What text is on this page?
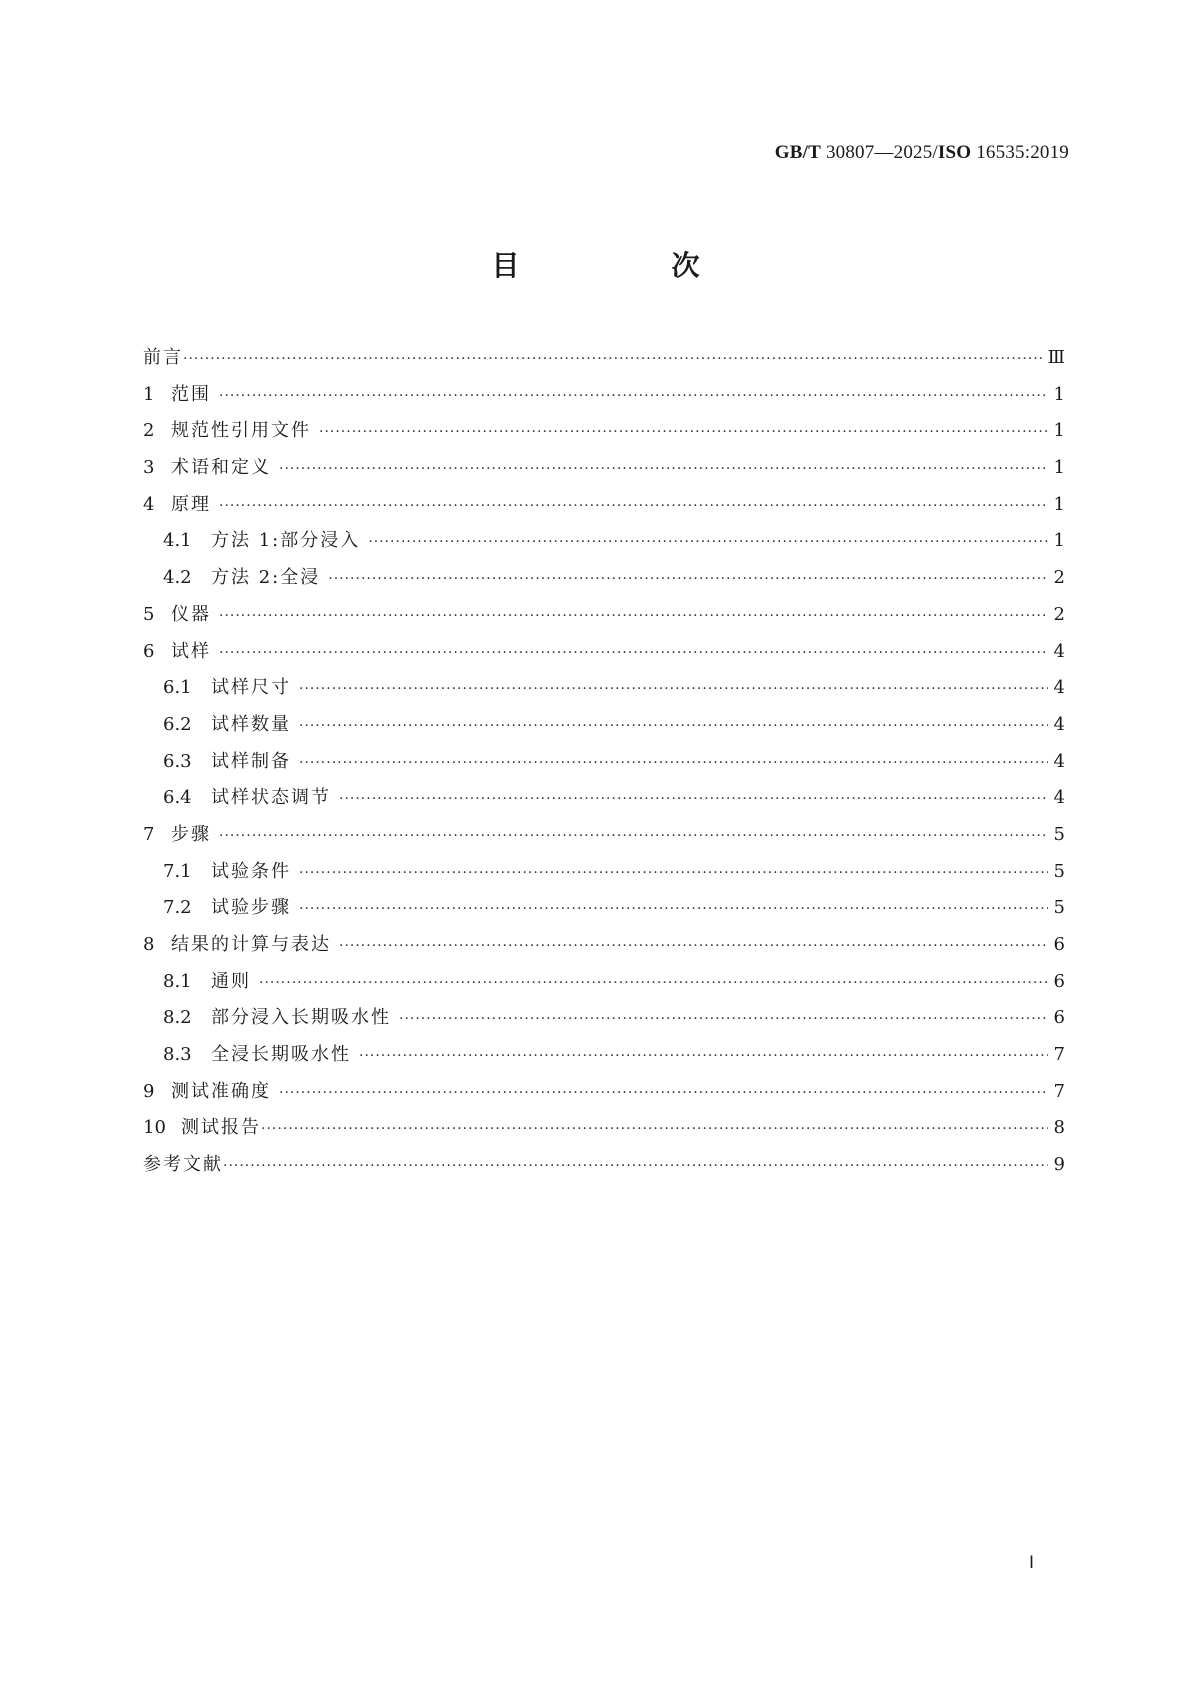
GB/T 30807—2025/ISO 16535:2019
目　次
前言 ·····	Ⅲ
1 范围 ·····	1
2 规范性引用文件 ·····	1
3 术语和定义 ·····	1
4 原理 ·····	1
4.1	方法 1:部分浸入 ·····	1
4.2	方法 2:全浸 ·····	2
5 仪器 ·····	2
6 试样 ·····	4
6.1	试样尺寸 ·····	4
6.2	试样数量 ·····	4
6.3	试样制备 ·····	4
6.4	试样状态调节 ·····	4
7 步骤 ·····	5
7.1	试验条件 ·····	5
7.2	试验步骤 ·····	5
8 结果的计算与表达 ·····	6
8.1	通则 ·····	6
8.2	部分浸入长期吸水性 ·····	6
8.3	全浸长期吸水性 ·····	7
9 测试准确度 ·····	7
10 测试报告 ·····	8
参考文献 ·····	9
Ⅰ
